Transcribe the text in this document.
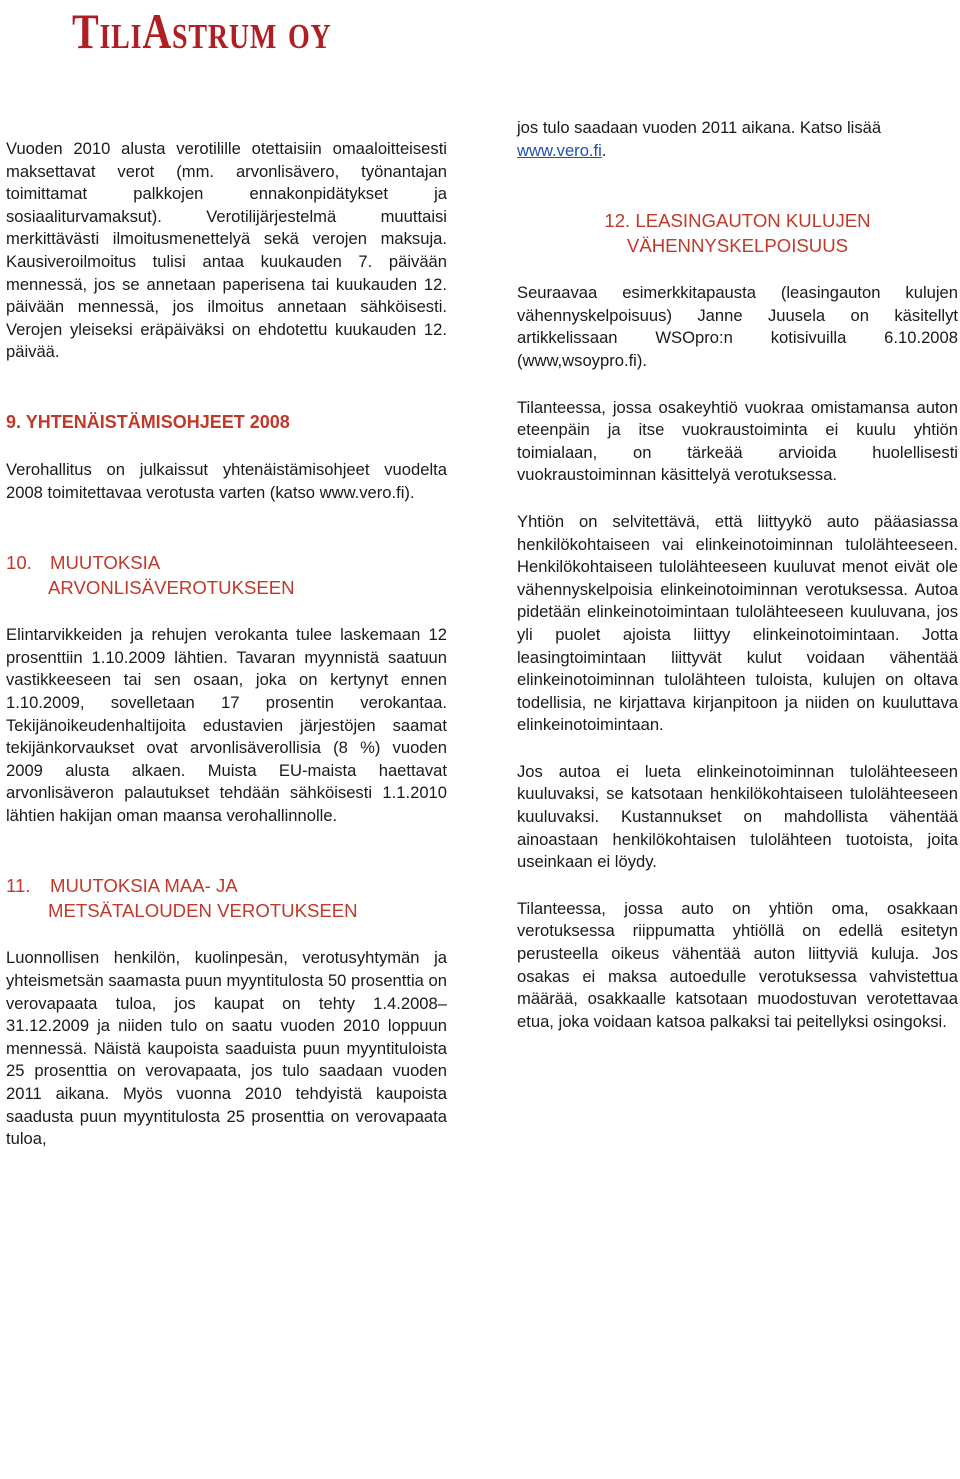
TiliAstrum oy

Vuoden 2010 alusta verotilille otettaisiin omaaloitteisesti maksettavat verot (mm. arvonlisävero, työnantajan toimittamat palkkojen ennakonpidätykset ja sosiaaliturvamaksut). Verotilijärjestelmä muuttaisi merkittävästi ilmoitusmenettelyä sekä verojen maksuja. Kausiveroilmoitus tulisi antaa kuukauden 7. päivään mennessä, jos se annetaan paperisena tai kuukauden 12. päivään mennessä, jos ilmoitus annetaan sähköisesti. Verojen yleiseksi eräpäiväksi on ehdotettu kuukauden 12. päivää.

9. YHTENÄISTÄMISOHJEET 2008

Verohallitus on julkaissut yhtenäistämisohjeet vuodelta 2008 toimitettavaa verotusta varten (katso www.vero.fi).

10. MUUTOKSIA
ARVONLISÄVEROTUKSEEN

Elintarvikkeiden ja rehujen verokanta tulee laskemaan 12 prosenttiin 1.10.2009 lähtien. Tavaran myynnistä saatuun vastikkeeseen tai sen osaan, joka on kertynyt ennen 1.10.2009, sovelletaan 17 prosentin verokantaa. Tekijänoikeudenhaltijoita edustavien järjestöjen saamat tekijänkorvaukset ovat arvonlisäverollisia (8 %) vuoden 2009 alusta alkaen. Muista EU-maista haettavat arvonlisäveron palautukset tehdään sähköisesti 1.1.2010 lähtien hakijan oman maansa verohallinnolle.

11. MUUTOKSIA MAA- JA
METSÄTALOUDEN VEROTUKSEEN

Luonnollisen henkilön, kuolinpesän, verotusyhtymän ja yhteismetsän saamasta puun myyntitulosta 50 prosenttia on verovapaata tuloa, jos kaupat on tehty 1.4.2008– 31.12.2009 ja niiden tulo on saatu vuoden 2010 loppuun mennessä. Näistä kaupoista saaduista puun myyntituloista 25 prosenttia on verovapaata, jos tulo saadaan vuoden 2011 aikana. Myös vuonna 2010 tehdyistä kaupoista saadusta puun myyntitulosta 25 prosenttia on verovapaata tuloa,

jos tulo saadaan vuoden 2011 aikana. Katso lisää
www.vero.fi.

12. LEASINGAUTON KULUJEN
VÄHENNYSKELPOISUUS

Seuraavaa esimerkkitapausta (leasingauton kulujen vähennyskelpoisuus) Janne Juusela on käsitellyt artikkelissaan WSOpro:n kotisivuilla 6.10.2008 (www,wsoypro.fi).

Tilanteessa, jossa osakeyhtiö vuokraa omistamansa auton eteenpäin ja itse vuokraustoiminta ei kuulu yhtiön toimialaan, on tärkeää arvioida huolellisesti vuokraustoiminnan käsittelyä verotuksessa.

Yhtiön on selvitettävä, että liittyykö auto pääasiassa henkilökohtaiseen vai elinkeinotoiminnan tulolähteeseen. Henkilökohtaiseen tulolähteeseen kuuluvat menot eivät ole vähennyskelpoisia elinkeinotoiminnan verotuksessa. Autoa pidetään elinkeinotoimintaan tulolähteeseen kuuluvana, jos yli puolet ajoista liittyy elinkeinotoimintaan. Jotta leasingtoimintaan liittyvät kulut voidaan vähentää elinkeinotoiminnan tulolähteen tuloista, kulujen on oltava todellisia, ne kirjattava kirjanpitoon ja niiden on kuuluttava elinkeinotoimintaan.

Jos autoa ei lueta elinkeinotoiminnan tulolähteeseen kuuluvaksi, se katsotaan henkilökohtaiseen tulolähteeseen kuuluvaksi. Kustannukset on mahdollista vähentää ainoastaan henkilökohtaisen tulolähteen tuotoista, joita useinkaan ei löydy.

Tilanteessa, jossa auto on yhtiön oma, osakkaan verotuksessa riippumatta yhtiöllä on edellä esitetyn perusteella oikeus vähentää auton liittyviä kuluja. Jos osakas ei maksa autoedulle verotuksessa vahvistettua määrää, osakkaalle katsotaan muodostuvan verotettavaa etua, joka voidaan katsoa palkaksi tai peitellyksi osingoksi.
